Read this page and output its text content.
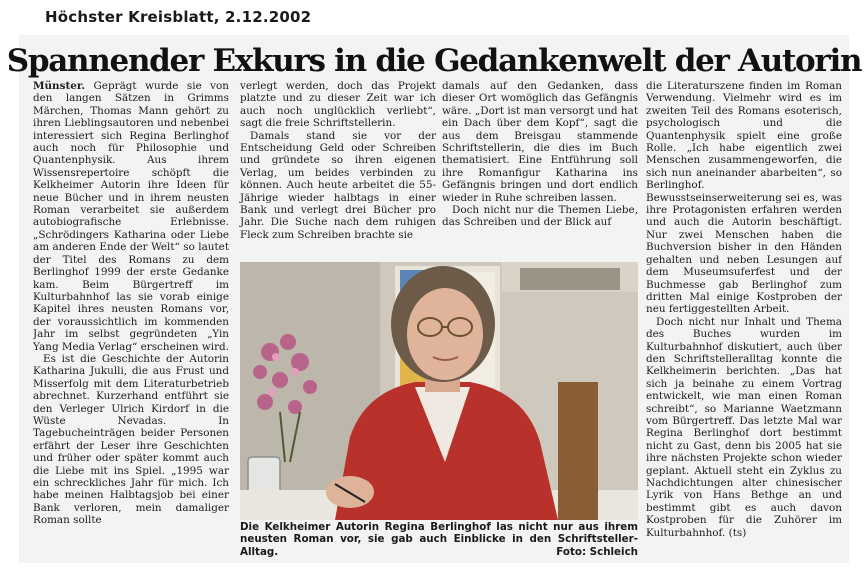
Höchster Kreisblatt, 2.12.2002
Spannender Exkurs in die Gedankenwelt der Autorin

Münster. Geprägt wurde sie von den langen Sätzen in Grimms Märchen, Thomas Mann gehört zu ihren Lieblingsautoren und nebenbei interessiert sich Regina Berlinghof auch noch für Philosophie und Quantenphysik. Aus ihrem Wissensrepertoire schöpft die Kelkheimer Autorin ihre Ideen für neue Bücher und in ihrem neusten Roman verarbeitet sie außerdem autobiografische Erlebnisse. „Schrödingers Katharina oder Liebe am anderen Ende der Welt“ so lautet der Titel des Romans zu dem Berlinghof 1999 der erste Gedanke kam. Beim Bürgertreff im Kulturbahnhof las sie vorab einige Kapitel ihres neusten Romans vor, der voraussichtlich im kommenden Jahr im selbst gegründeten „Yin Yang Media Verlag“ erscheinen wird.

Es ist die Geschichte der Autorin Katharina Jukulli, die aus Frust und Misserfolg mit dem Literaturbetrieb abrechnet. Kurzerhand entführt sie den Verleger Ulrich Kirdorf in die Wüste Nevadas. In Tagebucheinträgen beider Personen erfährt der Leser ihre Geschichten und früher oder später kommt auch die Liebe mit ins Spiel. „1995 war ein schreckliches Jahr für mich. Ich habe meinen Halbtagsjob bei einer Bank verloren, mein damaliger Roman sollte

verlegt werden, doch das Projekt platzte und zu dieser Zeit war ich auch noch unglücklich verliebt“, sagt die freie Schriftstellerin.

Damals stand sie vor der Entscheidung Geld oder Schreiben und gründete so ihren eigenen Verlag, um beides verbinden zu können. Auch heute arbeitet die 55-Jährige wieder halbtags in einer Bank und verlegt drei Bücher pro Jahr. Die Suche nach dem ruhigen Fleck zum Schreiben brachte sie

damals auf den Gedanken, dass dieser Ort womöglich das Gefängnis wäre. „Dort ist man versorgt und hat ein Dach über dem Kopf“, sagt die aus dem Breisgau stammende Schriftstellerin, die dies im Buch thematisiert. Eine Entführung soll ihre Romanfigur Katharina ins Gefängnis bringen und dort endlich wieder in Ruhe schreiben lassen.

Doch nicht nur die Themen Liebe, das Schreiben und der Blick auf

die Literaturszene finden im Roman Verwendung. Vielmehr wird es im zweiten Teil des Romans esoterisch, psychologisch und die Quantenphysik spielt eine große Rolle. „Ich habe eigentlich zwei Menschen zusammengeworfen, die sich nun aneinander abarbeiten“, so Berlinghof. Bewusstseinserweiterung sei es, was ihre Protagonisten erfahren werden und auch die Autorin beschäftigt. Nur zwei Menschen haben die Buchversion bisher in den Händen gehalten und neben Lesungen auf dem Museumsuferfest und der Buchmesse gab Berlinghof zum dritten Mal einige Kostproben der neu fertiggestellten Arbeit.

Doch nicht nur Inhalt und Thema des Buches wurden im Kulturbahnhof diskutiert, auch über den Schriftstelleralltag konnte die Kelkheimerin berichten. „Das hat sich ja beinahe zu einem Vortrag entwickelt, wie man einen Roman schreibt“, so Marianne Waetzmann vom Bürgertreff. Das letzte Mal war Regina Berlinghof dort bestimmt nicht zu Gast, denn bis 2005 hat sie ihre nächsten Projekte schon wieder geplant. Aktuell steht ein Zyklus zu Nachdichtungen alter chinesischer Lyrik von Hans Bethge an und bestimmt gibt es auch davon Kostproben für die Zuhörer im Kulturbahnhof. (ts)

Die Kelkheimer Autorin Regina Berlinghof las nicht nur aus ihrem neusten Roman vor, sie gab auch Einblicke in den Schriftsteller-Alltag.	Foto: Schleich
